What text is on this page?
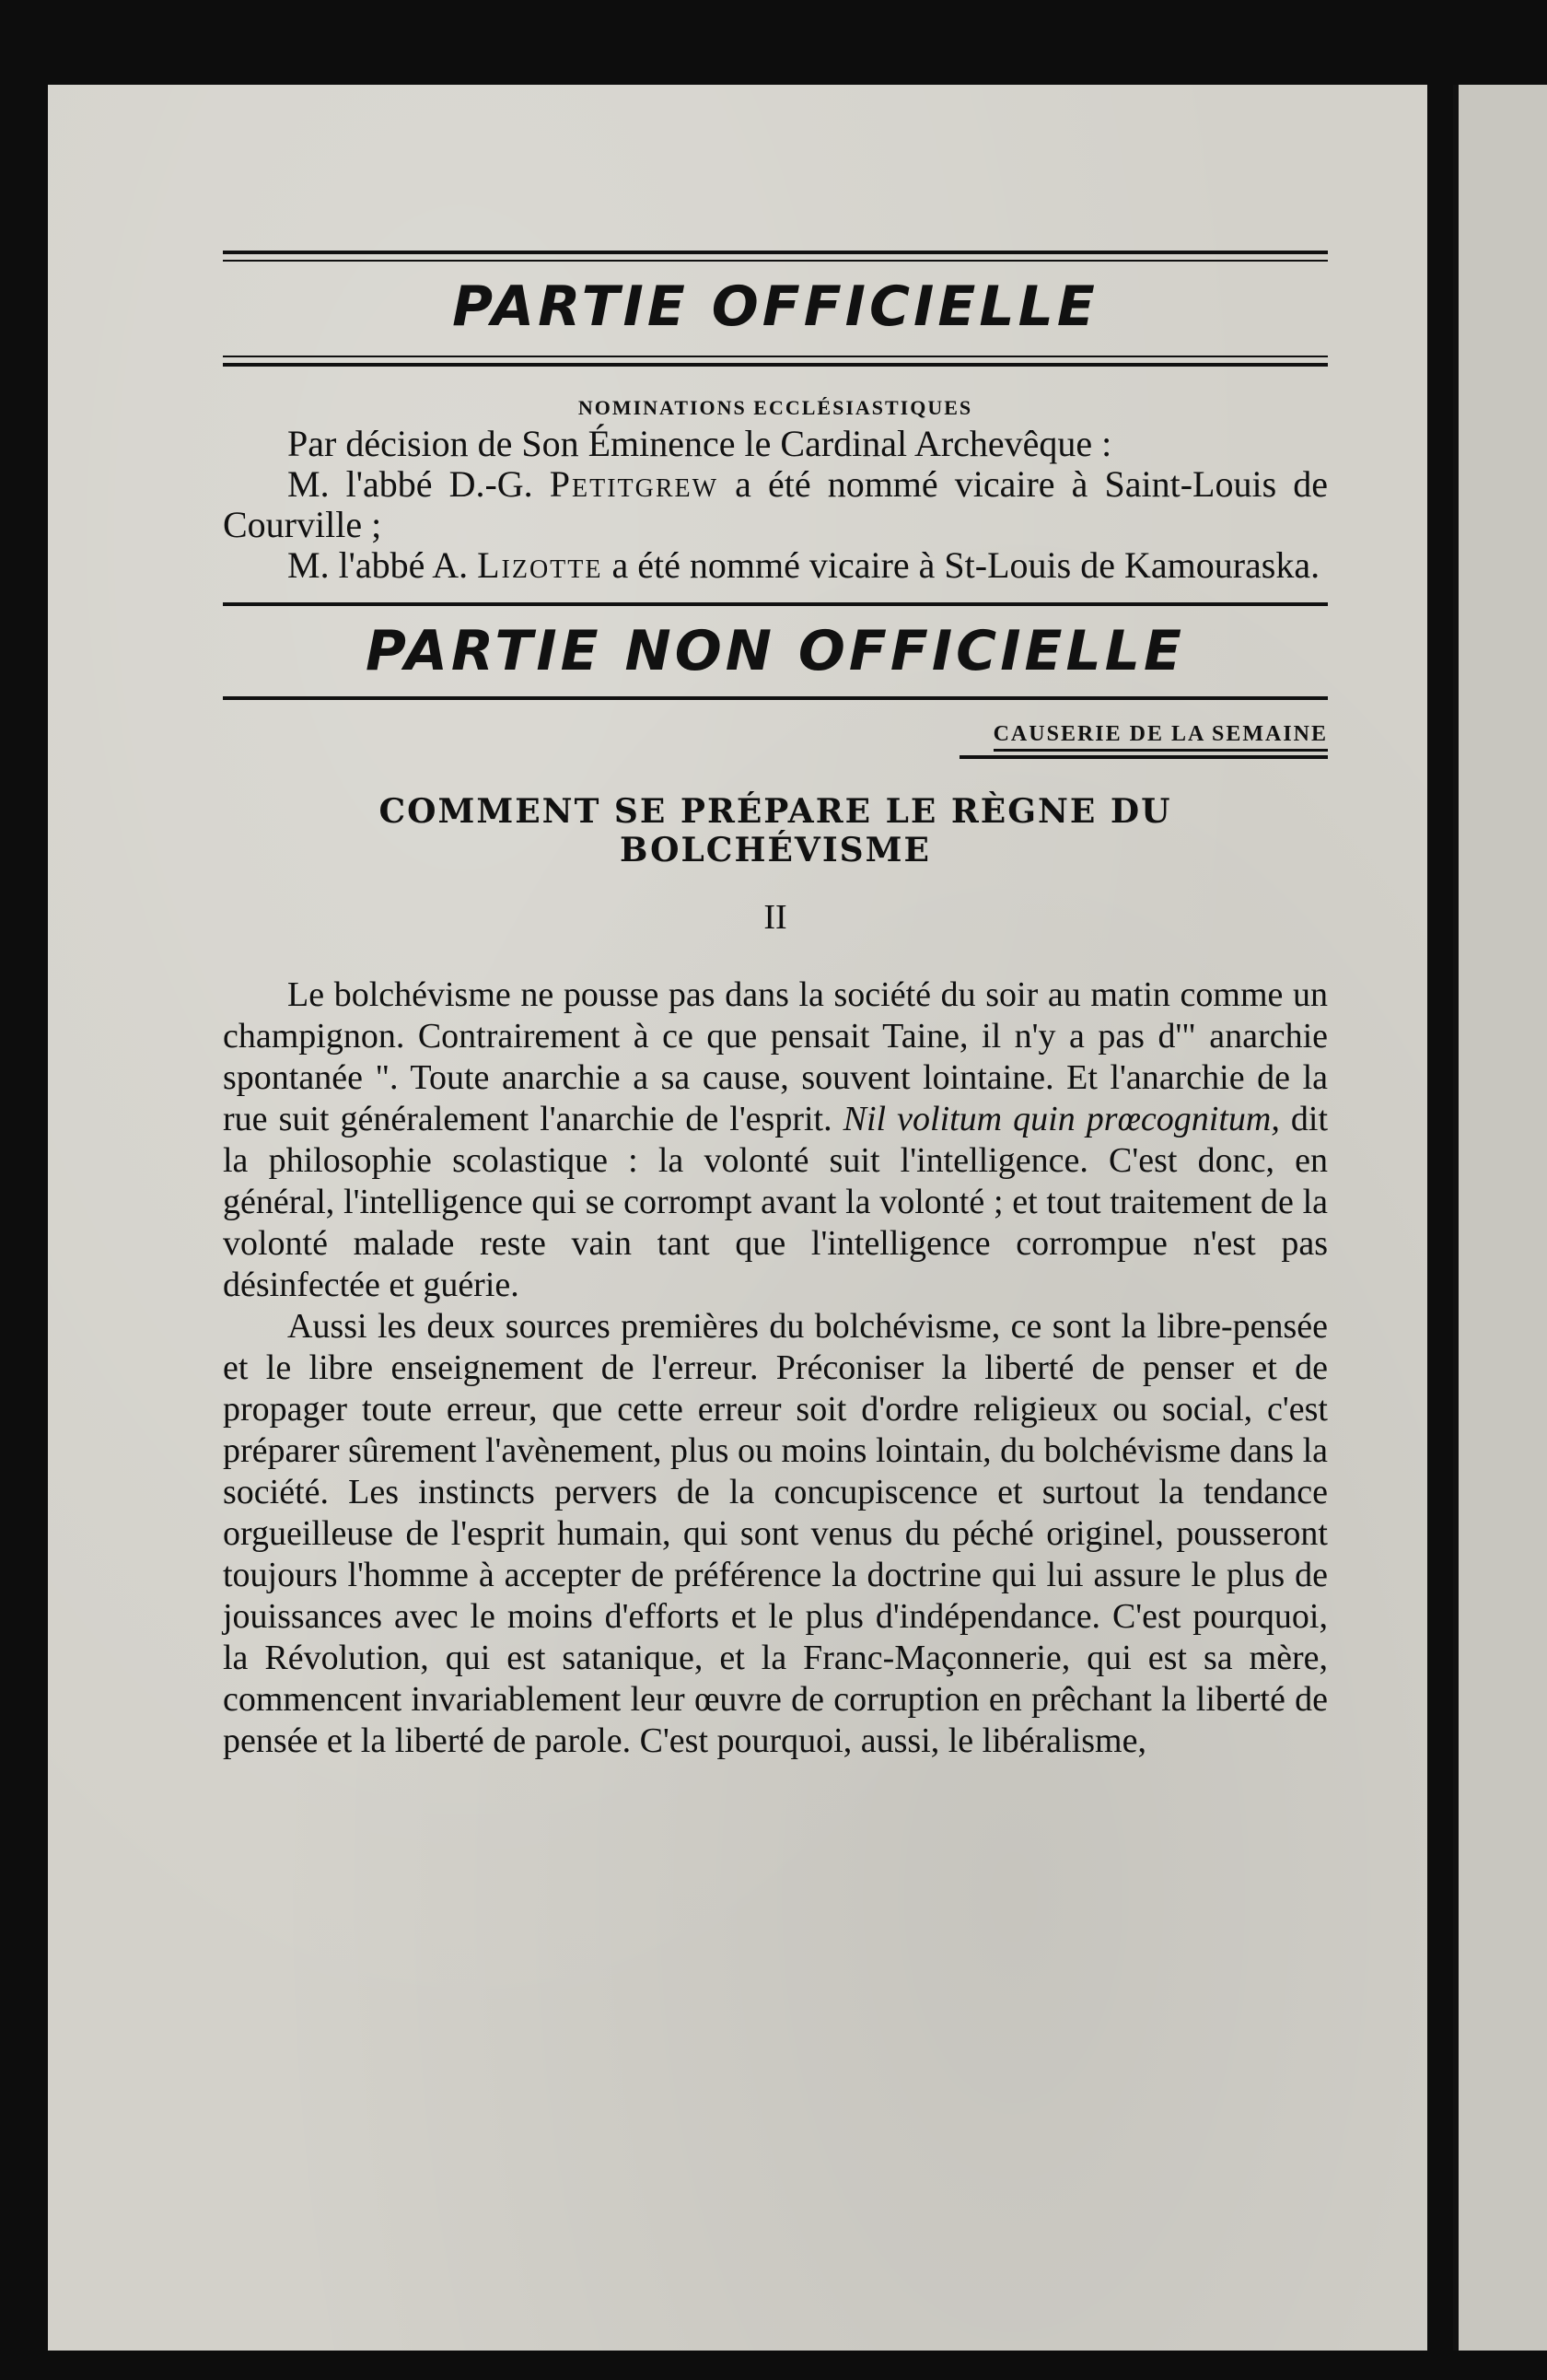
PARTIE OFFICIELLE
NOMINATIONS ECCLÉSIASTIQUES

Par décision de Son Éminence le Cardinal Archevêque :

M. l'abbé D.-G. Petitgrew a été nommé vicaire à Saint-Louis de Courville ;

M. l'abbé A. Lizotte a été nommé vicaire à St-Louis de Kamouraska.

PARTIE NON OFFICIELLE
CAUSERIE DE LA SEMAINE
COMMENT SE PRÉPARE LE RÈGNE DU BOLCHÉVISME
II

Le bolchévisme ne pousse pas dans la société du soir au matin comme un champignon. Contrairement à ce que pensait Taine, il n'y a pas d'" anarchie spontanée ". Toute anarchie a sa cause, souvent lointaine. Et l'anarchie de la rue suit généralement l'anarchie de l'esprit. Nil volitum quin prœcognitum, dit la philosophie scolastique : la volonté suit l'intelligence. C'est donc, en général, l'intelligence qui se corrompt avant la volonté ; et tout traitement de la volonté malade reste vain tant que l'intelligence corrompue n'est pas désinfectée et guérie.

Aussi les deux sources premières du bolchévisme, ce sont la libre-pensée et le libre enseignement de l'erreur. Préconiser la liberté de penser et de propager toute erreur, que cette erreur soit d'ordre religieux ou social, c'est préparer sûrement l'avènement, plus ou moins lointain, du bolchévisme dans la société. Les instincts pervers de la concupiscence et surtout la tendance orgueilleuse de l'esprit humain, qui sont venus du péché originel, pousseront toujours l'homme à accepter de préférence la doctrine qui lui assure le plus de jouissances avec le moins d'efforts et le plus d'indépendance. C'est pourquoi, la Révolution, qui est satanique, et la Franc-Maçonnerie, qui est sa mère, commencent invariablement leur œuvre de corruption en prêchant la liberté de pensée et la liberté de parole. C'est pourquoi, aussi, le libéralisme,
